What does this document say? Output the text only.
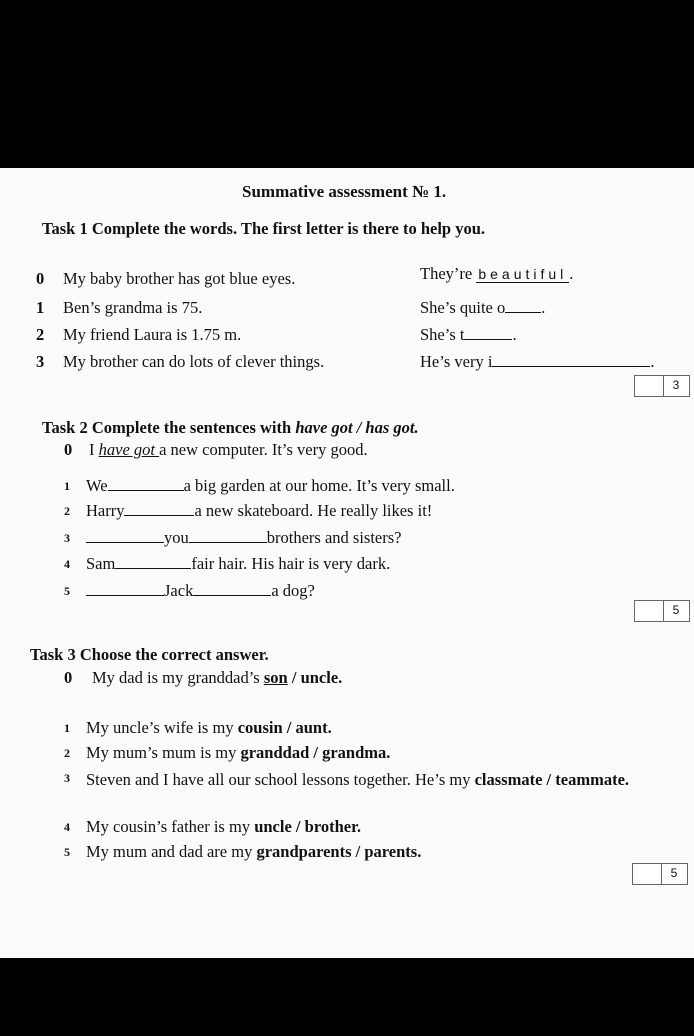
Summative assessment № 1.
Task 1 Complete the words. The first letter is there to help you.
0 My baby brother has got blue eyes.	They’re beautiful .
1 Ben’s grandma is 75.	She’s quite o .
2 My friend Laura is 1.75 m.	She’s t	.
3 My brother can do lots of clever things.	He’s very i	.
3
Task 2 Complete the sentences with have got / has got.
0 I have got a new computer. It’s very good.
1 We	a big garden at our home. It’s very small.
2 Harry	a new skateboard. He really likes it!
3	you	brothers and sisters?
4 Sam	fair hair. His hair is very dark.
5	Jack	a dog?
5
Task 3 Choose the correct answer.
0 My dad is my granddad’s son / uncle.
1 My uncle’s wife is my cousin / aunt.
2 My mum’s mum is my granddad / grandma.
3 Steven and I have all our school lessons together. He’s my classmate / teammate.
4 My cousin’s father is my uncle / brother.
5 My mum and dad are my grandparents / parents.
5
